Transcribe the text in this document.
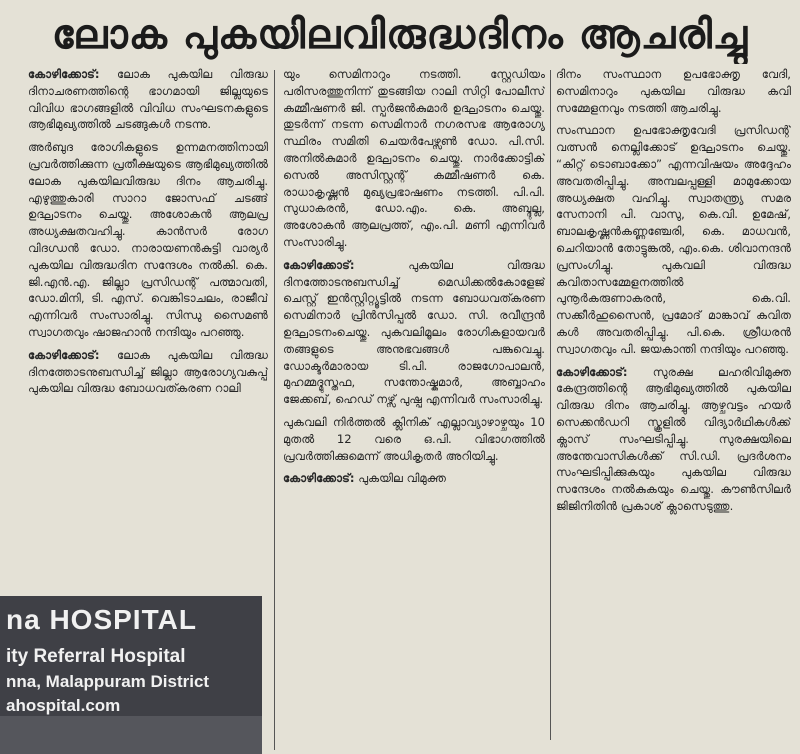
ലോക പുകയിലവിരുദ്ധദിനം ആചരിച്ചു

കോഴിക്കോട്: ലോക പുകയില വിരുദ്ധ ദിനാചരണത്തിന്റെ ഭാഗമായി ജില്ലയുടെ വിവിധ ഭാഗങ്ങളിൽ വിവിധ സംഘടനകളുടെ ആഭിമുഖ്യത്തിൽ ചടങ്ങുകൾ നടന്നു.

അർബുദ രോഗികളുടെ ഉന്നമനത്തിനായി പ്രവർത്തിക്കുന്ന പ്രതീക്ഷയുടെ ആഭിമുഖ്യത്തിൽ ലോക പുകയിലവിരുദ്ധ ദിനം ആചരിച്ചു. എഴുത്തുകാരി സാറാ ജോസഫ് ചടങ്ങ് ഉദ്ഘാടനം ചെയ്തു. അശോകൻ ആലപ്ര അധ്യക്ഷതവഹിച്ചു. കാൻസർ രോഗ വിദഗ്ധൻ ഡോ. നാരായണൻകുട്ടി വാര്യർ പുകയില വിരുദ്ധദിന സന്ദേശം നൽകി. കെ. ജി.എൻ.എ. ജില്ലാ പ്രസിഡന്റ് പത്മാവതി, ഡോ.മിനി, ടി. എസ്. വെങ്കിടാചലം, രാജീവ് എന്നിവർ സംസാരിച്ചു. സിന്ധു സൈമൺ സ്വാഗതവും ഷാജഹാൻ നന്ദിയും പറഞ്ഞു.

കോഴിക്കോട്: ലോക പുകയില വിരുദ്ധ ദിനത്തോടനുബന്ധിച്ച് ജില്ലാ ആരോഗ്യവകുപ്പ് പുകയില വിരുദ്ധ ബോധവത്കരണ റാലി

യും സെമിനാറും നടത്തി. സ്റ്റേഡിയം പരിസരത്തുനിന്ന് തുടങ്ങിയ റാലി സിറ്റി പോലീസ് കമ്മീഷണർ ജി. സ്പർജൻകുമാർ ഉദ്ഘാടനം ചെയ്തു. തുടർന്ന് നടന്ന സെമിനാർ നഗരസഭ ആരോഗ്യ സ്ഥിരം സമിതി ചെയർപേഴ്സൺ ഡോ. പി.സി. അനിൽകുമാർ ഉദ്ഘാടനം ചെയ്തു. നാർക്കോട്ടിക് സെൽ അസിസ്റ്റന്റ് കമ്മീഷണർ കെ. രാധാകൃഷ്ണൻ മുഖ്യപ്രഭാഷണം നടത്തി. പി.പി. സുധാകരൻ, ഡോ.എം. കെ. അബ്ദുല്ല, അശോകൻ ആലപ്രത്ത്, എം.പി. മണി എന്നിവർ സംസാരിച്ചു.

കോഴിക്കോട്:	പുകയില വിരുദ്ധ ദിനത്തോടനുബന്ധിച്ച് മെഡിക്കൽകോളേജ് ചെസ്റ്റ് ഇൻസ്റ്റിറ്റ്യൂട്ടിൽ നടന്ന ബോധവത്കരണ സെമിനാർ പ്രിൻസിപ്പൽ ഡോ. സി. രവീന്ദ്രൻ ഉദ്ഘാടനംചെയ്തു. പുകവലിമൂലം രോഗികളായവർ തങ്ങളുടെ അനുഭവങ്ങൾ പങ്കുവെച്ചു. ഡോക്ടർമാരായ ടി.പി. രാജഗോപാലൻ, മുഹമ്മദ്മുസ്തഫ, സന്തോഷ്കുമാർ, അബ്ബാഹം ജേക്കബ്, ഹെഡ് നഴ്സ് പുഷ്പ എന്നിവർ സംസാരിച്ചു.

പുകവലി നിർത്തൽ ക്ലിനിക് എല്ലാവ്യാഴാഴ്ചയും 10 മുതൽ 12 വരെ ഒ.പി. വിഭാഗത്തിൽ പ്രവർത്തിക്കുമെന്ന് അധികൃതർ അറിയിച്ചു.

കോഴിക്കോട്: പുകയില വിമുക്ത

ദിനം സംസ്ഥാന ഉപഭോക്തൃ വേദി, സെമിനാറും പുകയില വിരുദ്ധ കവി സമ്മേളനവും നടത്തി ആചരിച്ചു.

സംസ്ഥാന ഉപഭോക്തൃവേദി പ്രസിഡന്റ് വത്സൻ നെല്ലിക്കോട് ഉദ്ഘാടനം ചെയ്തു. “കിറ്റ് ടൊബാക്കോ” എന്നവിഷയം അദ്ദേഹം അവതരിപ്പിച്ചു. അമ്പലപ്പള്ളി മാമുക്കോയ അധ്യക്ഷത വഹിച്ചു. സ്വാതന്ത്ര്യ സമര സേനാനി പി. വാസു, കെ.വി. ഉമേഷ്, ബാലകൃഷ്ണൻകണ്ണഞ്ചേരി, കെ. മാധവൻ, ചെറിയാൻ തോട്ടുങ്കൽ, എം.കെ. ശിവാനന്ദൻ പ്രസംഗിച്ചു. പുകവലി വിരുദ്ധ കവിതാസമ്മേളനത്തിൽ പുനൂർകരുണാകരൻ, കെ.വി. സക്കീർഹുസൈൻ, പ്രമോദ് മാങ്കാവ് കവിത കൾ അവതരിപ്പിച്ചു. പി.കെ. ശ്രീധരൻ സ്വാഗതവും പി. ജയകാന്തി നന്ദിയും പറഞ്ഞു.

കോഴിക്കോട്: സുരക്ഷ ലഹരിവിമുക്ത കേന്ദ്രത്തിന്റെ ആഭിമുഖ്യത്തിൽ പുകയില വിരുദ്ധ ദിനം ആചരിച്ചു. ആഴ്ചവട്ടം ഹയർ സെക്കൻഡറി സ്കൂളിൽ വിദ്യാർഥികൾക്ക് ക്ലാസ് സംഘടിപ്പിച്ചു. സുരക്ഷയിലെ അന്തേവാസികൾക്ക് സി.ഡി. പ്രദർശനം സംഘടിപ്പിക്കുകയും പുകയില വിരുദ്ധ സന്ദേശം നൽകുകയും ചെയ്തു. കൗൺസിലർ ജിജിനിതിൻ പ്രകാശ് ക്ലാസെടുത്തു.

na HOSPITAL
ity Referral Hospital
nna, Malappuram District
ahospital.com
